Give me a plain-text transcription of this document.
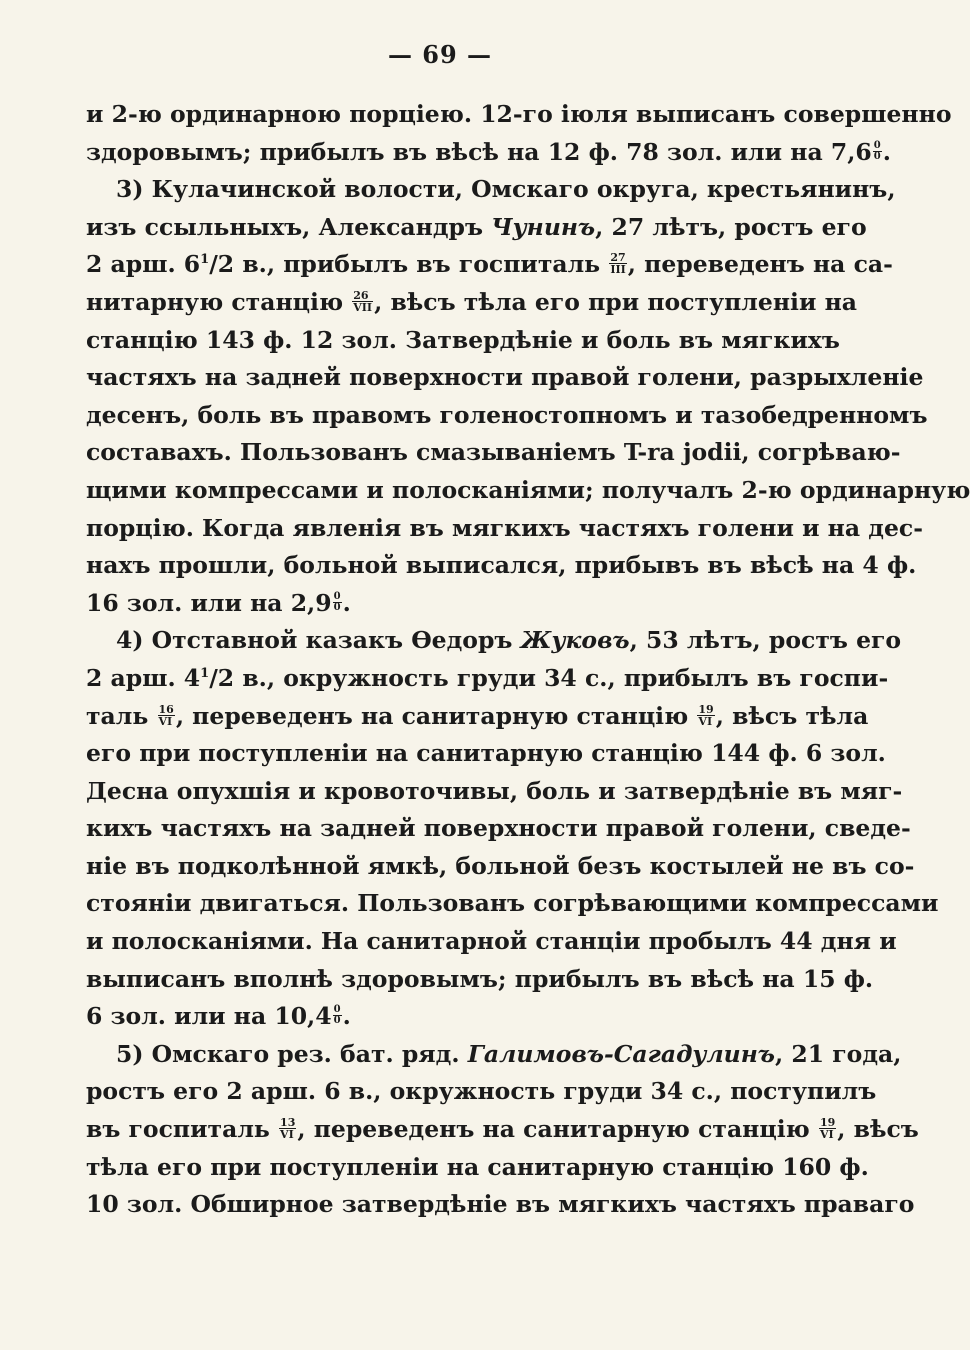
— 69 —
и 2-ю ординарною порціею. 12-го іюля выписанъ совершенно
здоровымъ; прибылъ въ вѣсѣ на 12 ф. 78 зол. или на $7,6 \frac{0}{0}$ .
3) Кулачинской волости, Омскаго округа, крестьянинъ,
изъ ссыльныхъ, Александръ Чунинъ, 27 лѣтъ, ростъ его
2 арш. $6^1/2$ в., прибылъ въ госпиталь $\frac{27}{\text{III}}$ , переведенъ на са-
нитарную станцію $\frac{26}{\text{VII}}$ , вѣсъ тѣла его при поступленіи на
станцію 143 ф. 12 зол. Затвердѣніе и боль въ мягкихъ
частяхъ на задней поверхности правой голени, разрыхленіе
десенъ, боль въ правомъ голеностопномъ и тазобедренномъ
составахъ. Пользованъ смазываніемъ T-ra jodii, согрѣваю-
щими компрессами и полосканіями; получалъ 2-ю ординарную
порцію. Когда явленія въ мягкихъ частяхъ голени и на дес-
нахъ прошли, больной выписался, прибывъ въ вѣсѣ на 4 ф.
16 зол. или на $2,9 \frac{0}{0}$ .
4) Отставной казакъ Ѳедоръ Жуковъ, 53 лѣтъ, ростъ его
2 арш. $4^1/2$ в., окружность груди 34 с., прибылъ въ госпи-
таль $\frac{16}{VI}$ , переведенъ на санитарную станцію $\frac{19}{VI}$ , вѣсъ тѣла
его при поступленіи на санитарную станцію 144 ф. 6 зол.
Десна опухшія и кровоточивы, боль и затвердѣніе въ мяг-
кихъ частяхъ на задней поверхности правой голени, сведе-
ніе въ подколѣнной ямкѣ, больной безъ костылей не въ со-
стояніи двигаться. Пользованъ согрѣвающими компрессами
и полосканіями. На санитарной станціи пробылъ 44 дня и
выписанъ вполнѣ здоровымъ; прибылъ въ вѣсѣ на 15 ф.
6 зол. или на $10,4 \frac{0}{0}$ .
5) Омскаго рез. бат. ряд. Галимовъ-Сагадулинъ, 21 года,
ростъ его 2 арш. 6 в., окружность груди 34 с., поступилъ
въ госпиталь $\frac{13}{VI}$ , переведенъ на санитарную станцію $\frac{19}{VI}$ , вѣсъ
тѣла его при поступленіи на санитарную станцію 160 ф.
10 зол. Обширное затвердѣніе въ мягкихъ частяхъ праваго
